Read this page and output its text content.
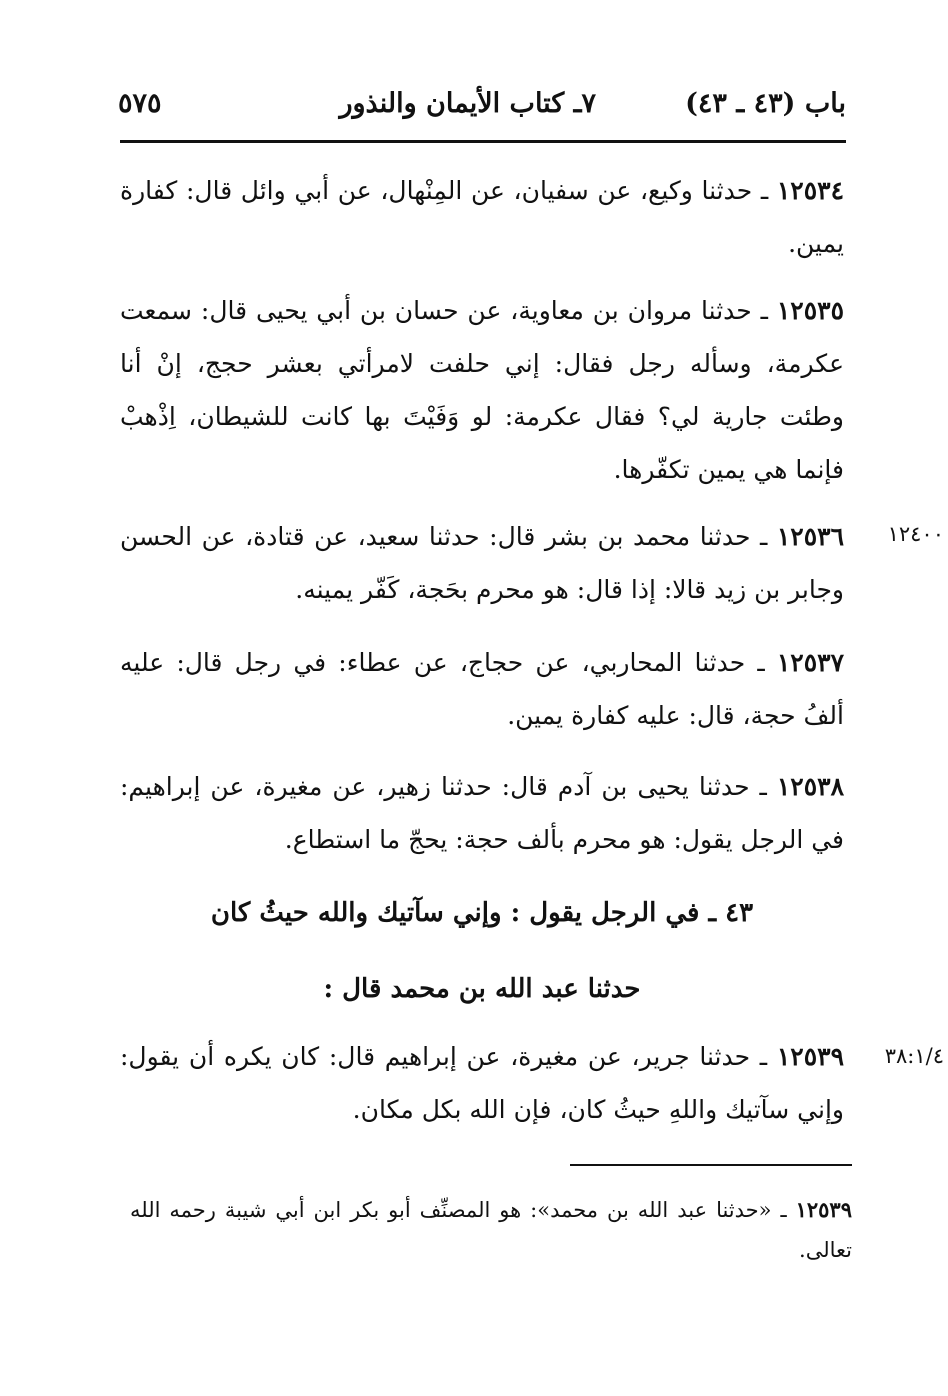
باب (٤٣ ـ ٤٣)
٧ـ كتاب الأيمان والنذور
٥٧٥
١٢٥٣٤ ـ حدثنا وكيع، عن سفيان، عن المِنْهال، عن أبي وائل قال: كفارة يمين.
١٢٥٣٥ ـ حدثنا مروان بن معاوية، عن حسان بن أبي يحيى قال: سمعت عكرمة، وسأله رجل فقال: إني حلفت لامرأتي بعشر حجج، إنْ أنا وطئت جارية لي؟ فقال عكرمة: لو وَفَيْتَ بها كانت للشيطان، اِذْهبْ فإنما هي يمين تكفّرها.
١٢٤٠٠
١٢٥٣٦ ـ حدثنا محمد بن بشر قال: حدثنا سعيد، عن قتادة، عن الحسن وجابر بن زيد قالا: إذا قال: هو محرم بحَجة، كَفّر يمينه.
١٢٥٣٧ ـ حدثنا المحاربي، عن حجاج، عن عطاء: في رجل قال: عليه ألفُ حجة، قال: عليه كفارة يمين.
١٢٥٣٨ ـ حدثنا يحيى بن آدم قال: حدثنا زهير، عن مغيرة، عن إبراهيم: في الرجل يقول: هو محرم بألف حجة: يحجّ ما استطاع.
٤٣ ـ في الرجل يقول : وإني سآتيك والله حيثُ كان
حدثنا عبد الله بن محمد قال :
٣٨:١/٤
١٢٥٣٩ ـ حدثنا جرير، عن مغيرة، عن إبراهيم قال: كان يكره أن يقول: وإني سآتيك واللهِ حيثُ كان، فإن الله بكل مكان.
١٢٥٣٩ ـ «حدثنا عبد الله بن محمد»: هو المصنِّف أبو بكر ابن أبي شيبة رحمه الله تعالى.
